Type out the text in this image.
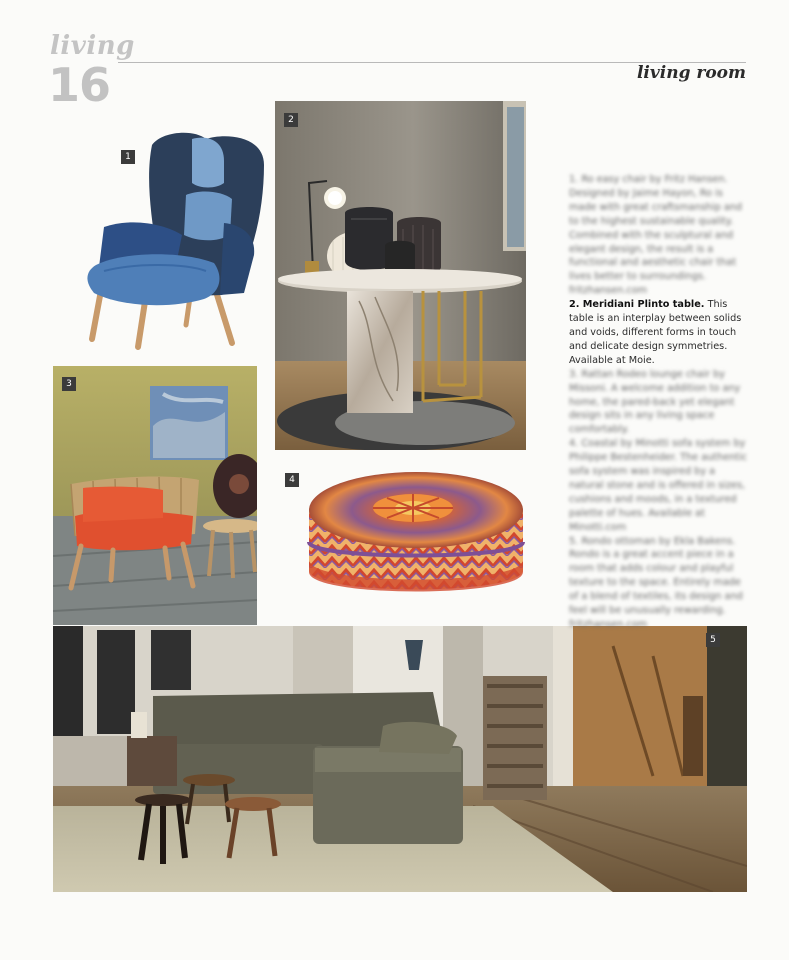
living
16	living room
1
2
3
4
5

1. Ro easy chair by Fritz Hansen. Designed by Jaime Hayon, Ro is made with great craftsmanship and to the highest sustainable quality. Combined with the sculptural and elegant design, the result is a functional and aesthetic chair that lives better to surroundings. fritzhansen.com

2. Meridiani Plinto table. This table is an interplay between solids and voids, different forms in touch and delicate design symmetries. Available at Moie.

3. Rattan Rodeo lounge chair by Missoni. A welcome addition to any home, the pared-back yet elegant design sits in any living space comfortably.

4. Coastal by Minotti sofa system by Philippe Bestenheider. The authentic sofa system was inspired by a natural stone and is offered in sizes, cushions and moods, in a textured palette of hues. Available at Minotti.com

5. Rondo ottoman by Ekla Bakens. Rondo is a great accent piece in a room that adds colour and playful texture to the space. Entirely made of a blend of textiles, its design and feel will be unusually rewarding. fritzhansen.com
